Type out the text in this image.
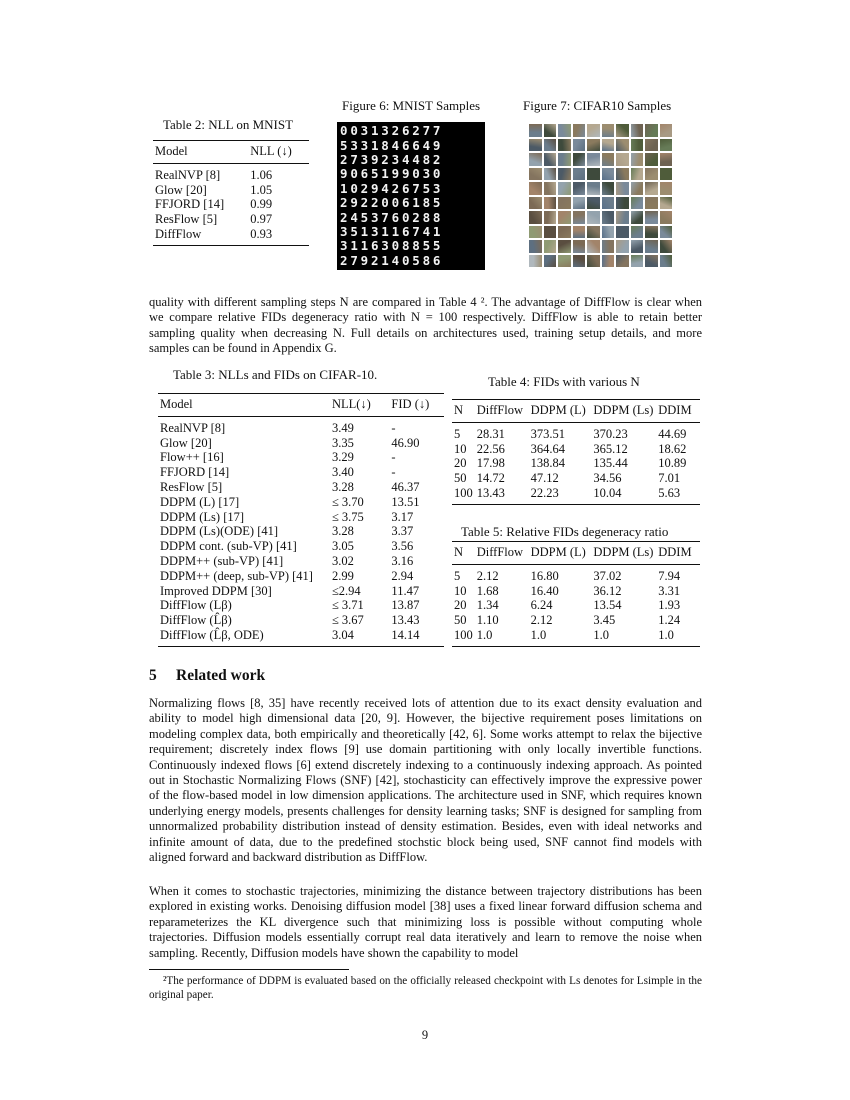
Table 2: NLL on MNIST
Model	NLL (↓)
RealNVP [8]	1.06
Glow [20]	1.05
FFJORD [14]	0.99
ResFlow [5]	0.97
DiffFlow	0.93
Figure 6: MNIST Samples
0031326277
5331846649
2739234482
9065199030
1029426753
2922006185
2453760288
3513116741
3116308855
2792140586
Figure 7: CIFAR10 Samples

quality with different sampling steps N are compared in Table 4 ². The advantage of DiffFlow is clear when we compare relative FIDs degeneracy ratio with N = 100 respectively. DiffFlow is able to retain better sampling quality when decreasing N. Full details on architectures used, training setup details, and more samples can be found in Appendix G.

Table 3: NLLs and FIDs on CIFAR-10.
Model	NLL(↓)	FID (↓)
RealNVP [8]	3.49	-
Glow [20]	3.35	46.90
Flow++ [16]	3.29	-
FFJORD [14]	3.40	-
ResFlow [5]	3.28	46.37
DDPM (L) [17]	≤ 3.70	13.51
DDPM (Ls) [17]	≤ 3.75	3.17
DDPM (Ls)(ODE) [41]	3.28	3.37
DDPM cont. (sub-VP) [41]	3.05	3.56
DDPM++ (sub-VP) [41]	3.02	3.16
DDPM++ (deep, sub-VP) [41]	2.99	2.94
Improved DDPM [30]	≤2.94	11.47
DiffFlow (Lβ)	≤ 3.71	13.87
DiffFlow (L̂β)	≤ 3.67	13.43
DiffFlow (L̂β, ODE)	3.04	14.14
Table 4: FIDs with various N
N	DiffFlow	DDPM (L)	DDPM (Ls)	DDIM
5	28.31	373.51	370.23	44.69
10	22.56	364.64	365.12	18.62
20	17.98	138.84	135.44	10.89
50	14.72	47.12	34.56	7.01
100	13.43	22.23	10.04	5.63
Table 5: Relative FIDs degeneracy ratio
N	DiffFlow	DDPM (L)	DDPM (Ls)	DDIM
5	2.12	16.80	37.02	7.94
10	1.68	16.40	36.12	3.31
20	1.34	6.24	13.54	1.93
50	1.10	2.12	3.45	1.24
100	1.0	1.0	1.0	1.0
5 Related work

Normalizing flows [8, 35] have recently received lots of attention due to its exact density evaluation and ability to model high dimensional data [20, 9]. However, the bijective requirement poses limitations on modeling complex data, both empirically and theoretically [42, 6]. Some works attempt to relax the bijective requirement; discretely index flows [9] use domain partitioning with only locally invertible functions. Continuously indexed flows [6] extend discretely indexing to a continuously indexing approach. As pointed out in Stochastic Normalizing Flows (SNF) [42], stochasticity can effectively improve the expressive power of the flow-based model in low dimension applications. The architecture used in SNF, which requires known underlying energy models, presents challenges for density learning tasks; SNF is designed for sampling from unnormalized probability distribution instead of density estimation. Besides, even with ideal networks and infinite amount of data, due to the predefined stochstic block being used, SNF cannot find models with aligned forward and backward distribution as DiffFlow.

When it comes to stochastic trajectories, minimizing the distance between trajectory distributions has been explored in existing works. Denoising diffusion model [38] uses a fixed linear forward diffusion schema and reparameterizes the KL divergence such that minimizing loss is possible without computing whole trajectories. Diffusion models essentially corrupt real data iteratively and learn to remove the noise when sampling. Recently, Diffusion models have shown the capability to model

²The performance of DDPM is evaluated based on the officially released checkpoint with Ls denotes for Lsimple in the original paper.
9
